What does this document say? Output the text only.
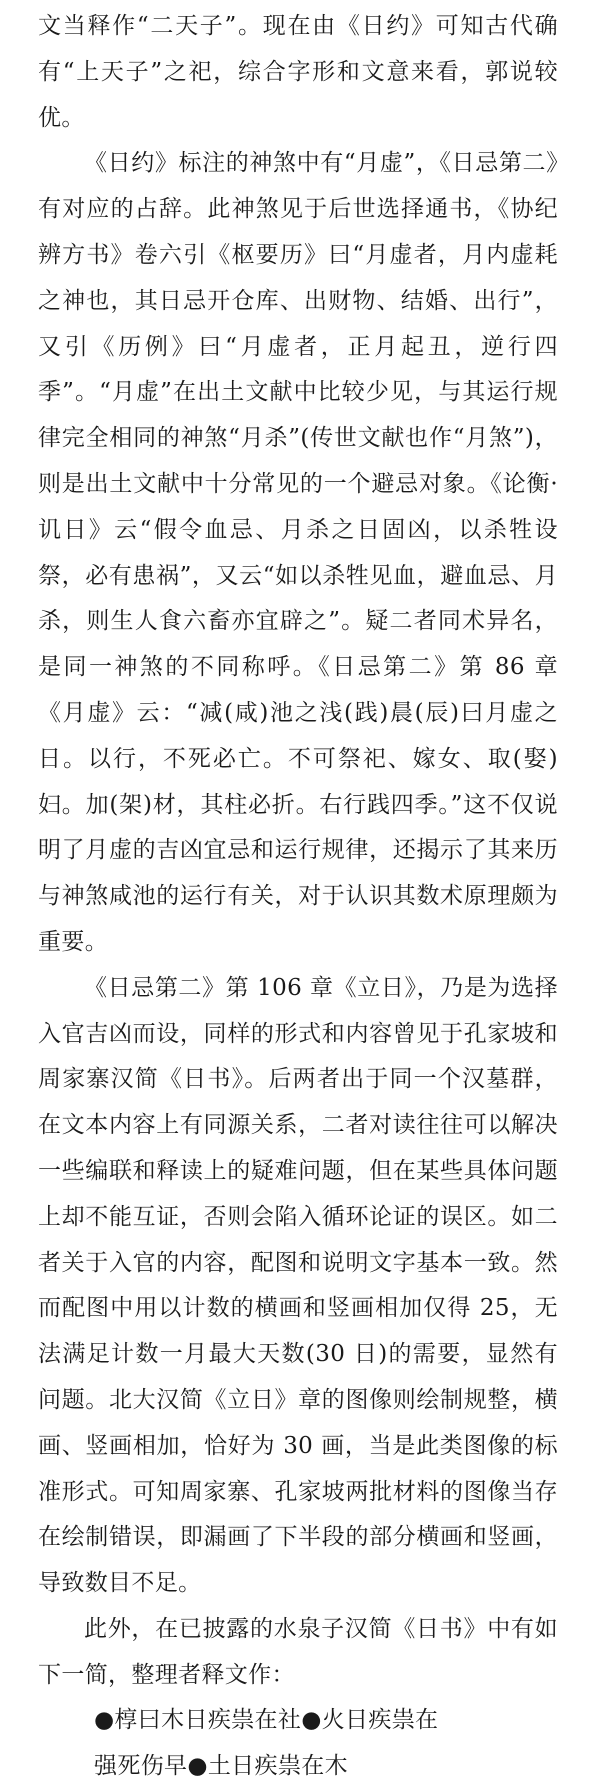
文当释作“二天子”。现在由《日约》可知古代确有“上天子”之祀，综合字形和文意来看，郭说较优。

《日约》标注的神煞中有“月虚”，《日忌第二》有对应的占辞。此神煞见于后世选择通书，《协纪辨方书》卷六引《枢要历》曰“月虚者，月内虚耗之神也，其日忌开仓库、出财物、结婚、出行”，又引《历例》曰“月虚者，正月起丑，逆行四季”。“月虚”在出土文献中比较少见，与其运行规律完全相同的神煞“月杀”(传世文献也作“月煞”)，则是出土文献中十分常见的一个避忌对象。《论衡·讥日》云“假令血忌、月杀之日固凶，以杀牲设祭，必有患祸”，又云“如以杀牲见血，避血忌、月杀，则生人食六畜亦宜辟之”。疑二者同术异名，是同一神煞的不同称呼。《日忌第二》第 86 章《月虚》云：“减(咸)池之浅(践)晨(辰)曰月虚之日。以行，不死必亡。不可祭祀、嫁女、取(娶)妇。加(架)材，其柱必折。右行践四季。”这不仅说明了月虚的吉凶宜忌和运行规律，还揭示了其来历与神煞咸池的运行有关，对于认识其数术原理颇为重要。

《日忌第二》第 106 章《立日》，乃是为选择入官吉凶而设，同样的形式和内容曾见于孔家坡和周家寨汉简《日书》。后两者出于同一个汉墓群，在文本内容上有同源关系，二者对读往往可以解决一些编联和释读上的疑难问题，但在某些具体问题上却不能互证，否则会陷入循环论证的误区。如二者关于入官的内容，配图和说明文字基本一致。然而配图中用以计数的横画和竖画相加仅得 25，无法满足计数一月最大天数(30 日)的需要，显然有问题。北大汉简《立日》章的图像则绘制规整，横画、竖画相加，恰好为 30 画，当是此类图像的标准形式。可知周家寨、孔家坡两批材料的图像当存在绘制错误，即漏画了下半段的部分横画和竖画，导致数目不足。

此外，在已披露的水泉子汉简《日书》中有如下一简，整理者释文作：

●椁曰木日疾祟在社●火日疾祟在
强死伤早●土日疾祟在木
